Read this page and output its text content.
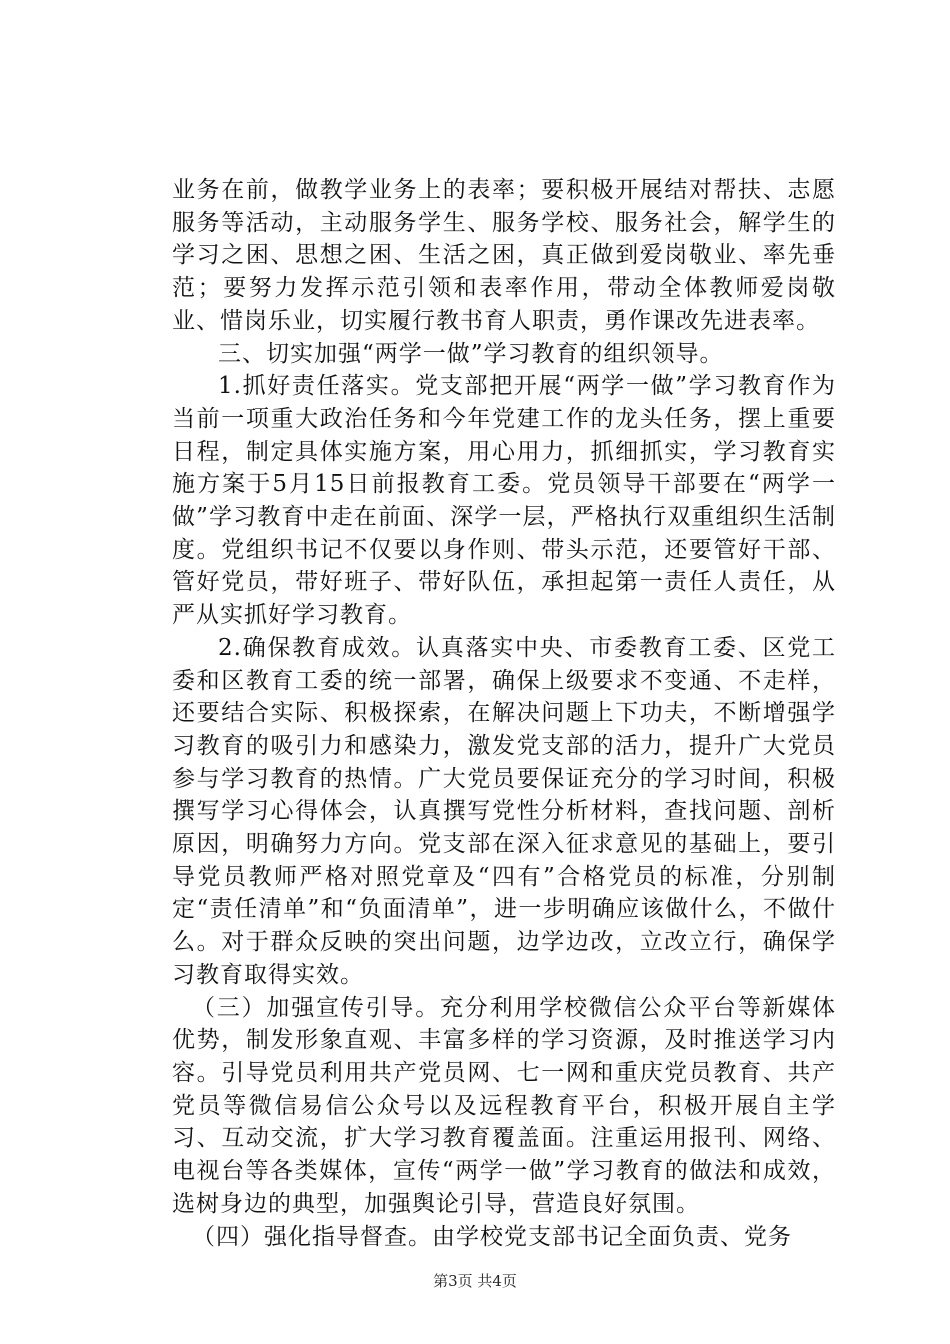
业务在前，做教学业务上的表率；要积极开展结对帮扶、志愿服务等活动，主动服务学生、服务学校、服务社会，解学生的学习之困、思想之困、生活之困，真正做到爱岗敬业、率先垂范；要努力发挥示范引领和表率作用，带动全体教师爱岗敬业、惜岗乐业，切实履行教书育人职责，勇作课改先进表率。

三、切实加强“两学一做”学习教育的组织领导。

1.抓好责任落实。党支部把开展“两学一做”学习教育作为当前一项重大政治任务和今年党建工作的龙头任务，摆上重要日程，制定具体实施方案，用心用力，抓细抓实，学习教育实施方案于5月15日前报教育工委。党员领导干部要在“两学一做”学习教育中走在前面、深学一层，严格执行双重组织生活制度。党组织书记不仅要以身作则、带头示范，还要管好干部、管好党员，带好班子、带好队伍，承担起第一责任人责任，从严从实抓好学习教育。

2.确保教育成效。认真落实中央、市委教育工委、区党工委和区教育工委的统一部署，确保上级要求不变通、不走样，还要结合实际、积极探索，在解决问题上下功夫，不断增强学习教育的吸引力和感染力，激发党支部的活力，提升广大党员参与学习教育的热情。广大党员要保证充分的学习时间，积极撰写学习心得体会，认真撰写党性分析材料，查找问题、剖析原因，明确努力方向。党支部在深入征求意见的基础上，要引导党员教师严格对照党章及“四有”合格党员的标准，分别制定“责任清单”和“负面清单”，进一步明确应该做什么，不做什么。对于群众反映的突出问题，边学边改，立改立行，确保学习教育取得实效。

（三）加强宣传引导。充分利用学校微信公众平台等新媒体优势，制发形象直观、丰富多样的学习资源，及时推送学习内容。引导党员利用共产党员网、七一网和重庆党员教育、共产党员等微信易信公众号以及远程教育平台，积极开展自主学习、互动交流，扩大学习教育覆盖面。注重运用报刊、网络、电视台等各类媒体，宣传“两学一做”学习教育的做法和成效，选树身边的典型，加强舆论引导，营造良好氛围。

（四）强化指导督查。由学校党支部书记全面负责、党务

第3页 共4页
